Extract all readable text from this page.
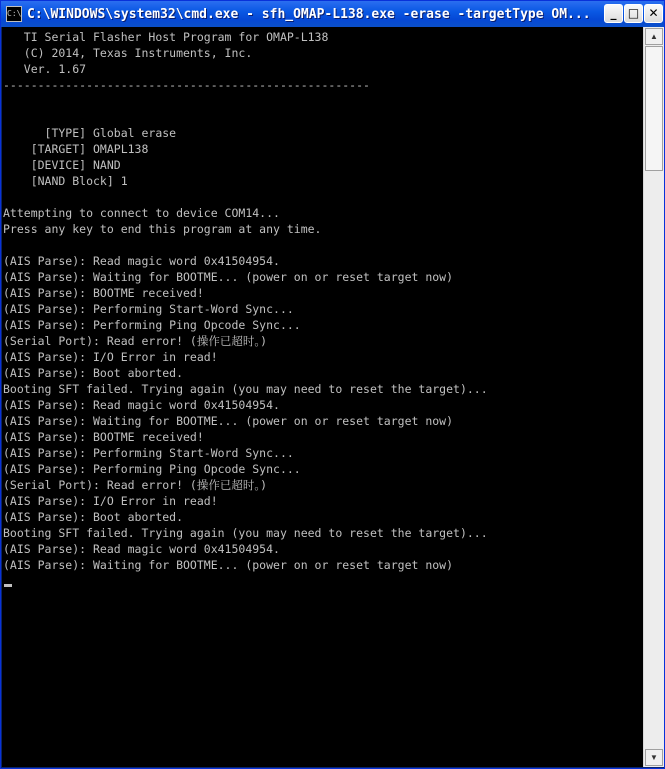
C:\ C:\WINDOWS\system32\cmd.exe - sfh_OMAP-L138.exe -erase -targetType OM...	_ □ ✕
TI Serial Flasher Host Program for OMAP-L138
(C) 2014, Texas Instruments, Inc.
Ver. 1.67
-----------------------------------------------------
[TYPE] Global erase
[TARGET] OMAPL138
[DEVICE] NAND
[NAND Block] 1
Attempting to connect to device COM14...
Press any key to end this program at any time.
(AIS Parse): Read magic word 0x41504954.
(AIS Parse): Waiting for BOOTME... (power on or reset target now)
(AIS Parse): BOOTME received!
(AIS Parse): Performing Start-Word Sync...
(AIS Parse): Performing Ping Opcode Sync...
(Serial Port): Read error! (操作已超时。)
(AIS Parse): I/O Error in read!
(AIS Parse): Boot aborted.
Booting SFT failed. Trying again (you may need to reset the target)...
(AIS Parse): Read magic word 0x41504954.
(AIS Parse): Waiting for BOOTME... (power on or reset target now)
(AIS Parse): BOOTME received!
(AIS Parse): Performing Start-Word Sync...
(AIS Parse): Performing Ping Opcode Sync...
(Serial Port): Read error! (操作已超时。)
(AIS Parse): I/O Error in read!
(AIS Parse): Boot aborted.
Booting SFT failed. Trying again (you may need to reset the target)...
(AIS Parse): Read magic word 0x41504954.
(AIS Parse): Waiting for BOOTME... (power on or reset target now)
▲
▼
